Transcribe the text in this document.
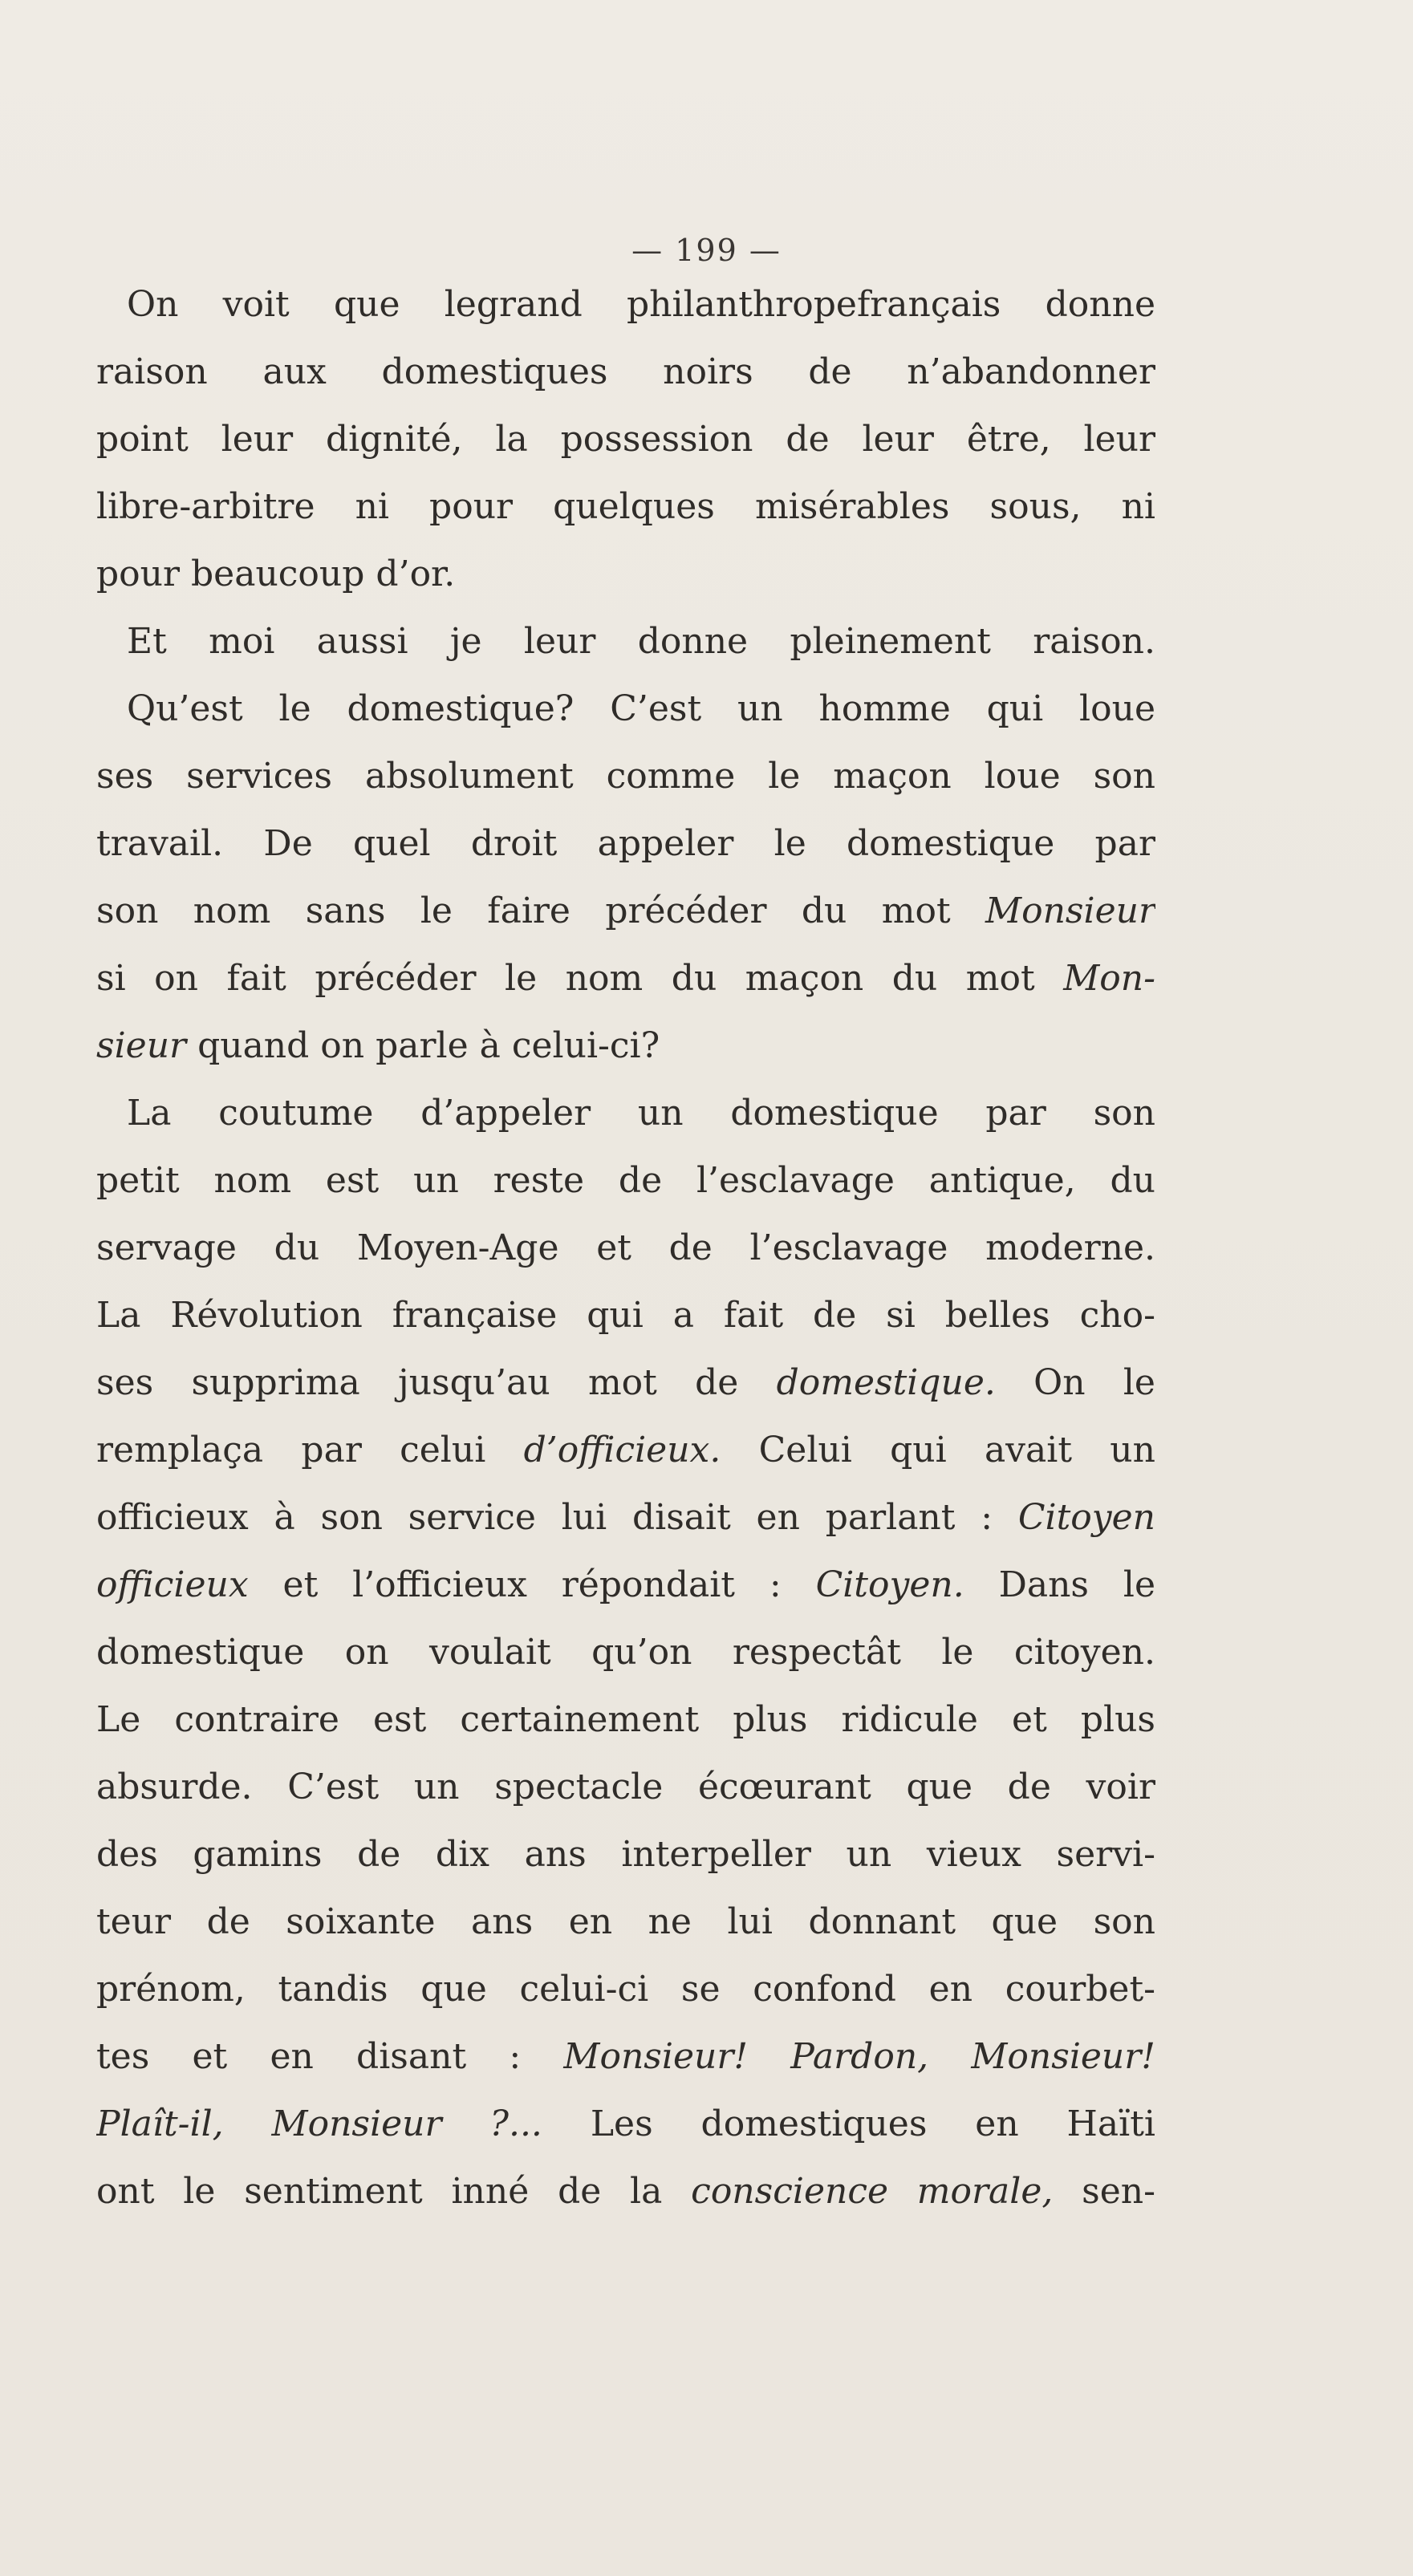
— 199 —
On voit que legrand philanthropefrançais donne
raison aux domestiques noirs de n’abandonner
point leur dignité, la possession de leur être, leur
libre-arbitre ni pour quelques misérables sous, ni
pour beaucoup d’or.
Et moi aussi je leur donne pleinement raison.
Qu’est le domestique? C’est un homme qui loue
ses services absolument comme le maçon loue son
travail. De quel droit appeler le domestique par
son nom sans le faire précéder du mot Monsieur
si on fait précéder le nom du maçon du mot Mon-
sieur quand on parle à celui-ci?
La coutume d’appeler un domestique par son
petit nom est un reste de l’esclavage antique, du
servage du Moyen-Age et de l’esclavage moderne.
La Révolution française qui a fait de si belles cho-
ses supprima jusqu’au mot de domestique. On le
remplaça par celui d’officieux. Celui qui avait un
officieux à son service lui disait en parlant : Citoyen
officieux et l’officieux répondait : Citoyen. Dans le
domestique on voulait qu’on respectât le citoyen.
Le contraire est certainement plus ridicule et plus
absurde. C’est un spectacle écœurant que de voir
des gamins de dix ans interpeller un vieux servi-
teur de soixante ans en ne lui donnant que son
prénom, tandis que celui-ci se confond en courbet-
tes et en disant : Monsieur! Pardon, Monsieur!
Plaît-il, Monsieur ?... Les domestiques en Haïti
ont le sentiment inné de la conscience morale, sen-
